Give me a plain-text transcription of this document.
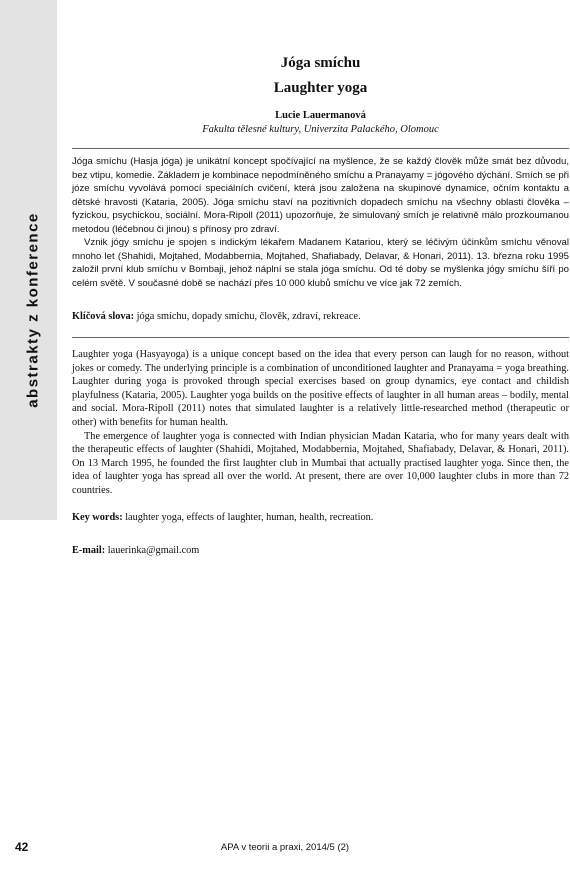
abstrakty z konference
Jóga smíchu
Laughter yoga
Lucie Lauermanová
Fakulta tělesné kultury, Univerzita Palackého, Olomouc

Jóga smíchu (Hasja jóga) je unikátní koncept spočívající na myšlence, že se každý člověk může smát bez důvodu, bez vtipu, komedie. Základem je kombinace nepodmíněného smíchu a Pranayamy = jógového dýchání. Smích se při józe smíchu vyvolává pomocí speciálních cvičení, která jsou založena na skupinové dynamice, očním kontaktu a dětské hravosti (Kataria, 2005). Jóga smíchu staví na pozitivních dopadech smíchu na všechny oblasti člověka – fyzickou, psychickou, sociální. Mora-Ripoll (2011) upozorňuje, že simulovaný smích je relativně málo prozkoumanou metodou (léčebnou či jinou) s přínosy pro zdraví.

Vznik jógy smíchu je spojen s indickým lékařem Madanem Katariou, který se léčivým účinkům smíchu věnoval mnoho let (Shahidi, Mojtahed, Modabbernia, Mojtahed, Shafiabady, Delavar, & Honari, 2011). 13. března roku 1995 založil první klub smíchu v Bombaji, jehož náplní se stala jóga smíchu. Od té doby se myšlenka jógy smíchu šíří po celém světě. V současné době se nachází přes 10 000 klubů smíchu ve více jak 72 zemích.

Klíčová slova: jóga smíchu, dopady smíchu, člověk, zdraví, rekreace.

Laughter yoga (Hasyayoga) is a unique concept based on the idea that every person can laugh for no reason, without jokes or comedy. The underlying principle is a combination of unconditioned laughter and Pranayama = yoga breathing. Laughter during yoga is provoked through special exercises based on group dynamics, eye contact and childish playfulness (Kataria, 2005). Laughter yoga builds on the positive effects of laughter in all human areas – bodily, mental and social. Mora-Ripoll (2011) notes that simulated laughter is a relatively little-researched method (therapeutic or other) with benefits for human health.

The emergence of laughter yoga is connected with Indian physician Madan Kataria, who for many years dealt with the therapeutic effects of laughter (Shahidi, Mojtahed, Modabbernia, Mojtahed, Shafiabady, Delavar, & Honari, 2011). On 13 March 1995, he founded the first laughter club in Mumbai that actually practised laughter yoga. Since then, the idea of laughter yoga has spread all over the world. At present, there are over 10,000 laughter clubs in more than 72 countries.

Key words: laughter yoga, effects of laughter, human, health, recreation.
E-mail: lauerinka@gmail.com
42	APA v teorii a praxi, 2014/5 (2)
